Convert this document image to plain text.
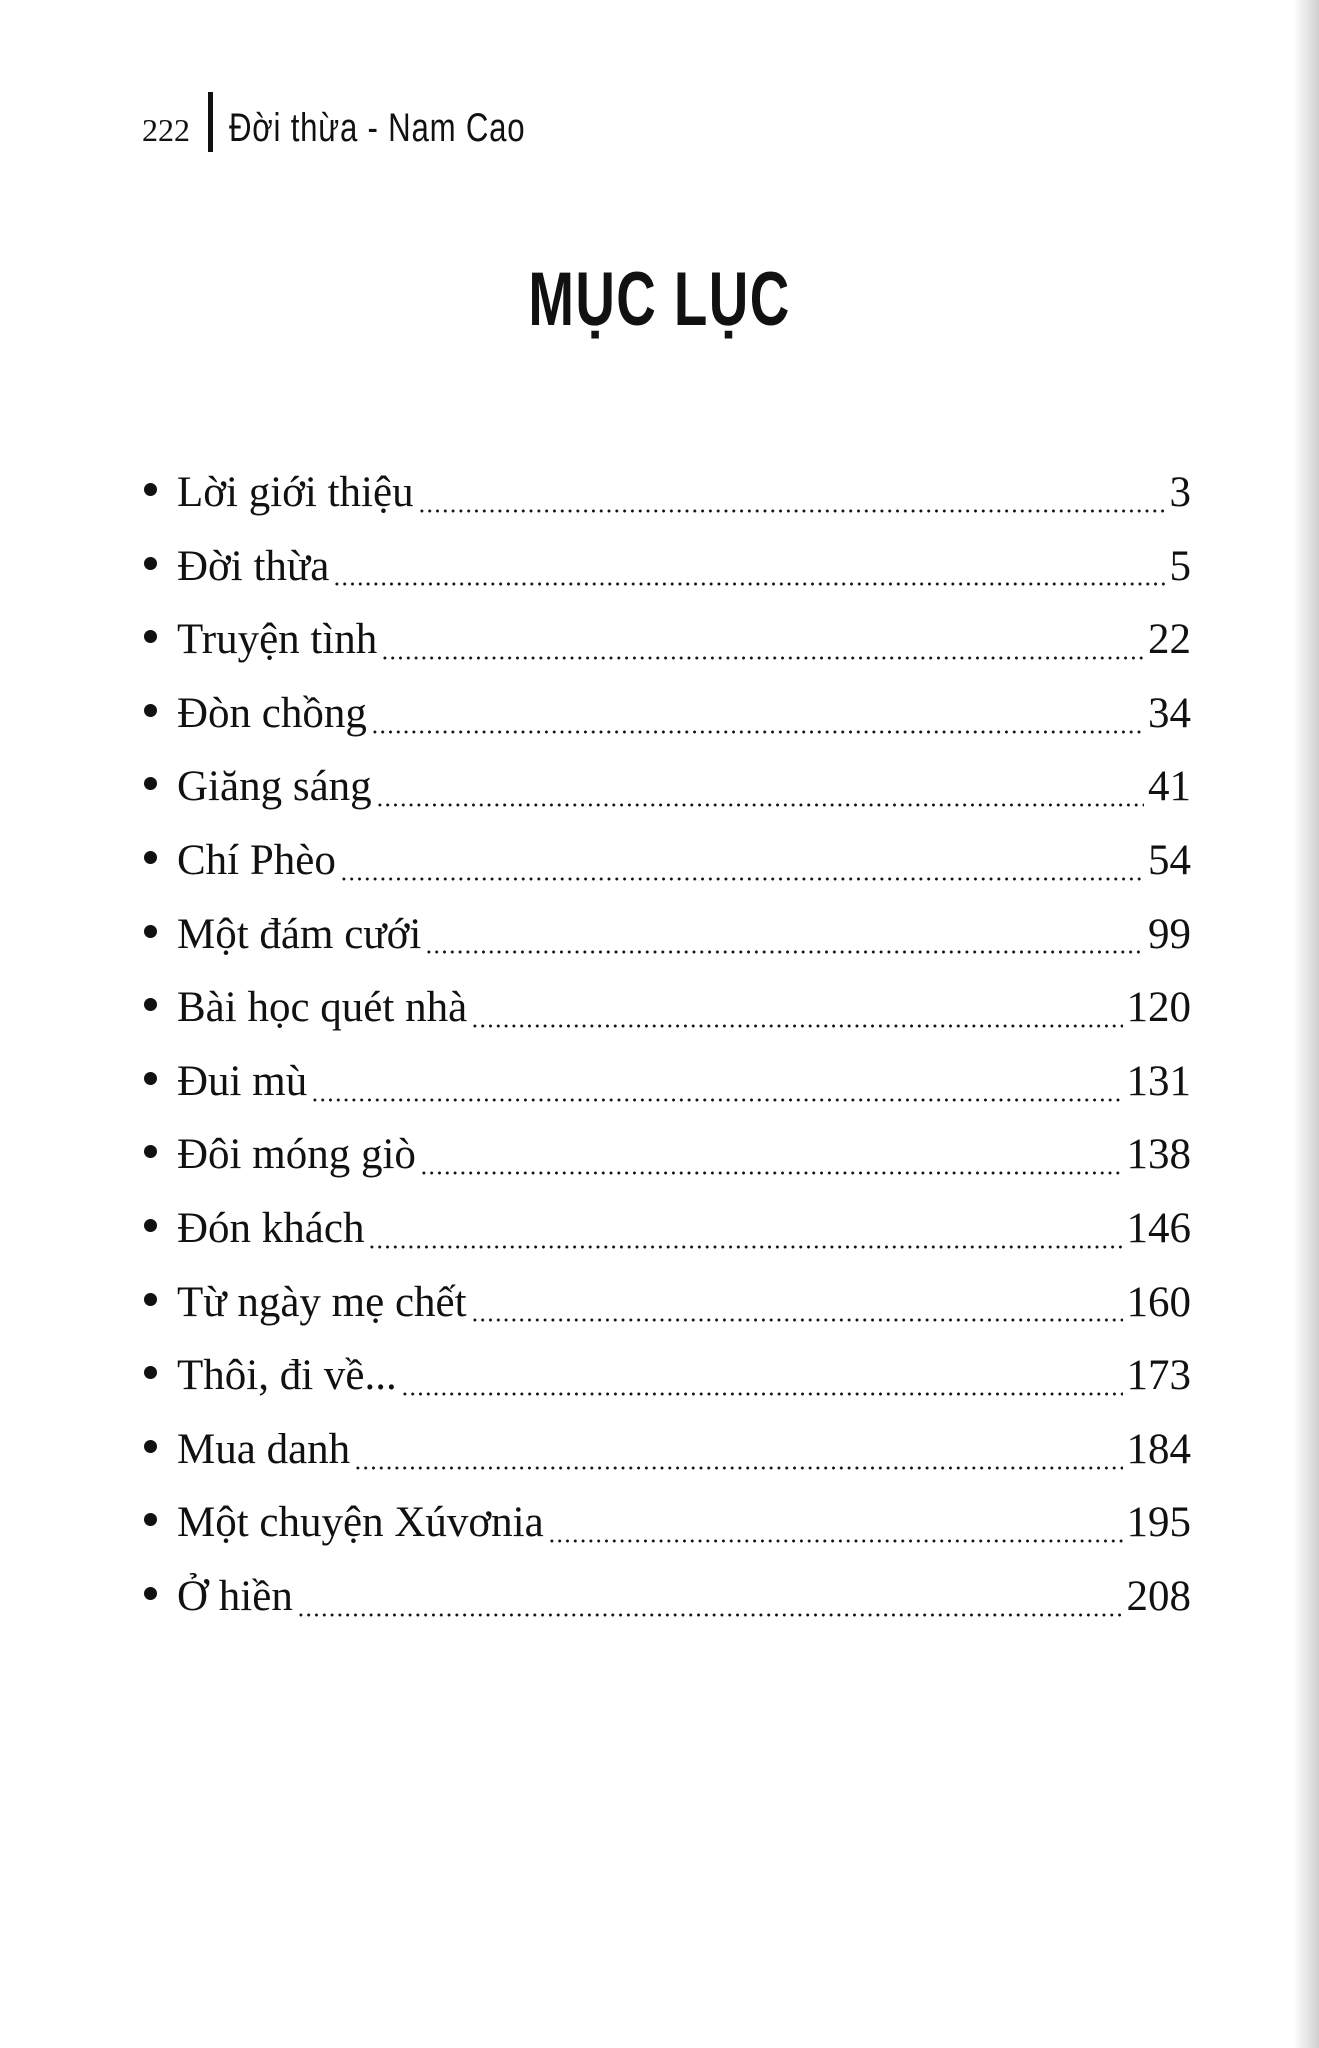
222 Đời thừa - Nam Cao
MỤC LỤC
Lời giới thiệu	3
Đời thừa	5
Truyện tình	22
Đòn chồng	34
Giăng sáng	41
Chí Phèo	54
Một đám cưới	99
Bài học quét nhà	120
Đui mù	131
Đôi móng giò	138
Đón khách	146
Từ ngày mẹ chết	160
Thôi, đi về...	173
Mua danh	184
Một chuyện Xúvơnia	195
Ở hiền	208
